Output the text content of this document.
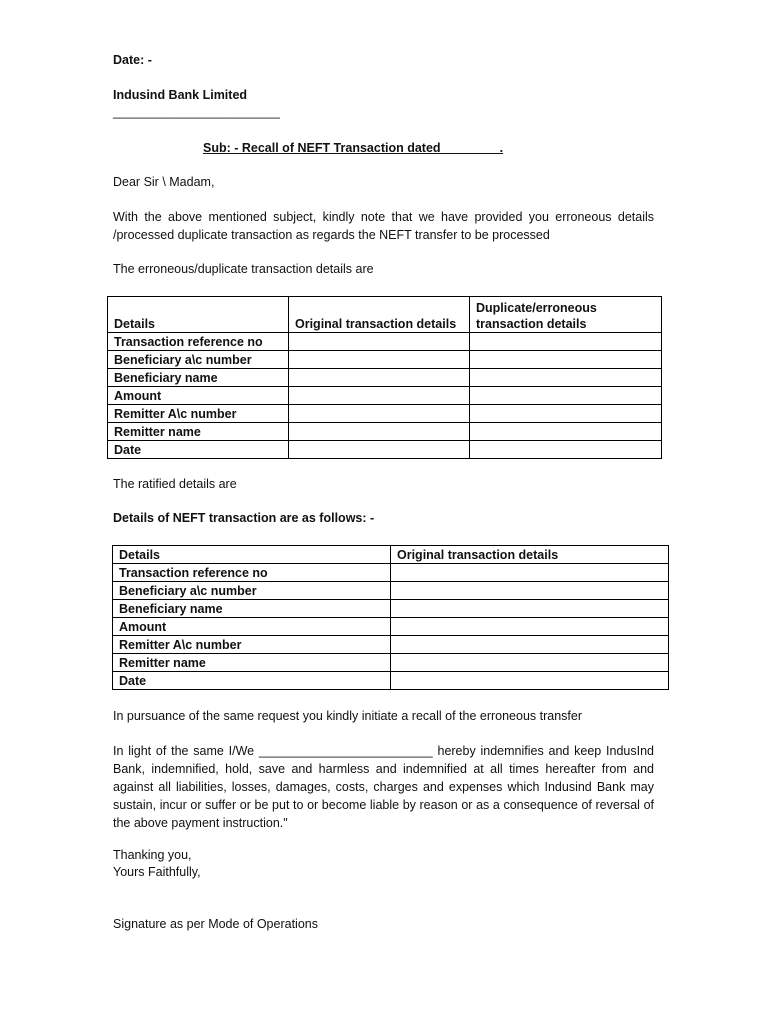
Date: -
Indusind Bank Limited
________________________
Sub: - Recall of NEFT Transaction dated ________.
Dear Sir \ Madam,
With the above mentioned subject, kindly note that we have provided you erroneous details /processed duplicate transaction as regards the NEFT transfer to be processed
The erroneous/duplicate transaction details are
Details	Original transaction details	Duplicate/erroneous transaction details
Transaction reference no		
Beneficiary a\c number		
Beneficiary name		
Amount		
Remitter A\c number		
Remitter name		
Date		
The ratified details are
Details of NEFT transaction are as follows: -
Details	Original transaction details
Transaction reference no	
Beneficiary a\c number	
Beneficiary name	
Amount	
Remitter A\c number	
Remitter name	
Date	
In pursuance of the same request you kindly initiate a recall of the erroneous transfer
In light of the same I/We _________________________ hereby indemnifies and keep IndusInd Bank, indemnified, hold, save and harmless and indemnified at all times hereafter from and against all liabilities, losses, damages, costs, charges and expenses which Indusind Bank may sustain, incur or suffer or be put to or become liable by reason or as a consequence of reversal of the above payment instruction."
Thanking you,
Yours Faithfully,
Signature as per Mode of Operations
